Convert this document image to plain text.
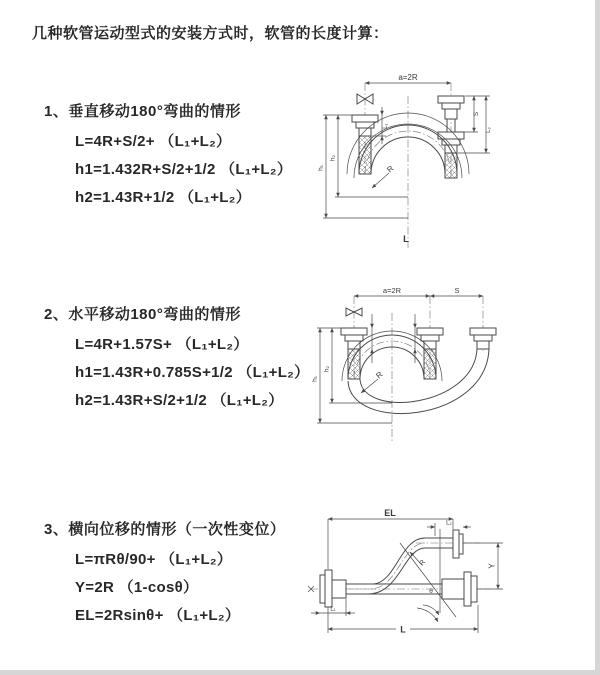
几种软管运动型式的安装方式时，软管的长度计算：

1、垂直移动180°弯曲的情形

L=4R+S/2+ （L₁+L₂）

h1=1.432R+S/2+1/2 （L₁+L₂）

h2=1.43R+1/2 （L₁+L₂）

2、水平移动180°弯曲的情形

L=4R+1.57S+ （L₁+L₂）

h1=1.43R+0.785S+1/2 （L₁+L₂）

h2=1.43R+S/2+1/2 （L₁+L₂）

3、横向位移的情形（一次性变位）

L=πRθ/90+ （L₁+L₂）

Y=2R （1-cosθ）

EL=2Rsinθ+ （L₁+L₂）

a=2R
h₁
h₂
L₁
S
L₂
R
L
a=2R	S
h₁
h₂
R
EL
L₂
Y
R
θ
L
L₁
